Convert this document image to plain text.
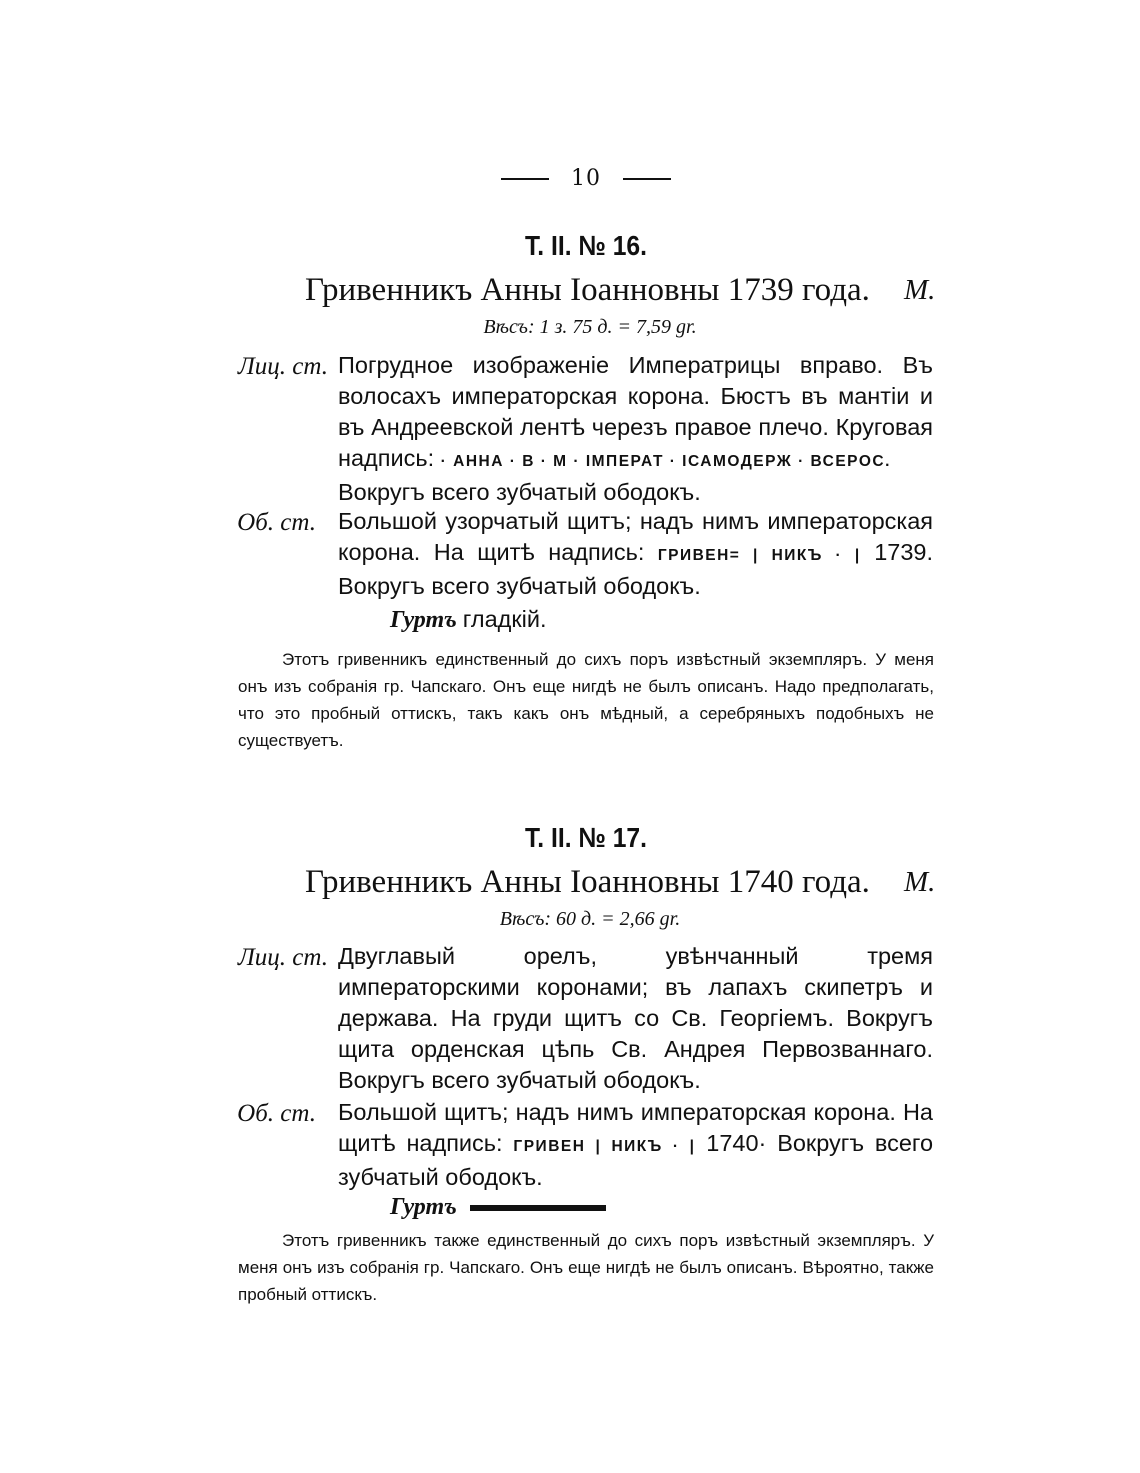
10
Т. II. № 16.
Гривенникъ Анны Іоанновны 1739 года. М.
Вѣсъ: 1 з. 75 д. = 7,59 gr.
Лиц. ст. Погрудное изображеніе Императрицы вправо. Въ волосахъ императорская корона. Бюстъ въ мантіи и въ Андреевской лентѣ черезъ правое плечо. Круговая надпись: · АННА · В · М · ІМПЕРАТ · ІСАМОДЕРЖ · ВСЕРОС.
Вокругъ всего зубчатый ободокъ.
Об. ст. Большой узорчатый щитъ; надъ нимъ императорская корона. На щитѣ надпись: ГРИВЕН= | НИКЪ · | 1739. Вокругъ всего зубчатый ободокъ.
Гуртъ гладкій.
Этотъ гривенникъ единственный до сихъ поръ извѣстный экземпляръ. У меня онъ изъ собранія гр. Чапскаго. Онъ еще нигдѣ не былъ описанъ. Надо предполагать, что это пробный оттискъ, такъ какъ онъ мѣдный, а серебряныхъ подобныхъ не существуетъ.
Т. II. № 17.
Гривенникъ Анны Іоанновны 1740 года. М.
Вѣсъ: 60 д. = 2,66 gr.
Лиц. ст. Двуглавый орелъ, увѣнчанный тремя императорскими коронами; въ лапахъ скипетръ и держава. На груди щитъ со Св. Георгіемъ. Вокругъ щита орденская цѣпь Св. Андрея Первозваннаго. Вокругъ всего зубчатый ободокъ.
Об. ст. Большой щитъ; надъ нимъ императорская корона. На щитѣ надпись: ГРИВЕН | НИКЪ · | 1740· Вокругъ всего зубчатый ободокъ.
Гуртъ
Этотъ гривенникъ также единственный до сихъ поръ извѣстный экземпляръ. У меня онъ изъ собранія гр. Чапскаго. Онъ еще нигдѣ не былъ описанъ. Вѣроятно, также пробный оттискъ.
